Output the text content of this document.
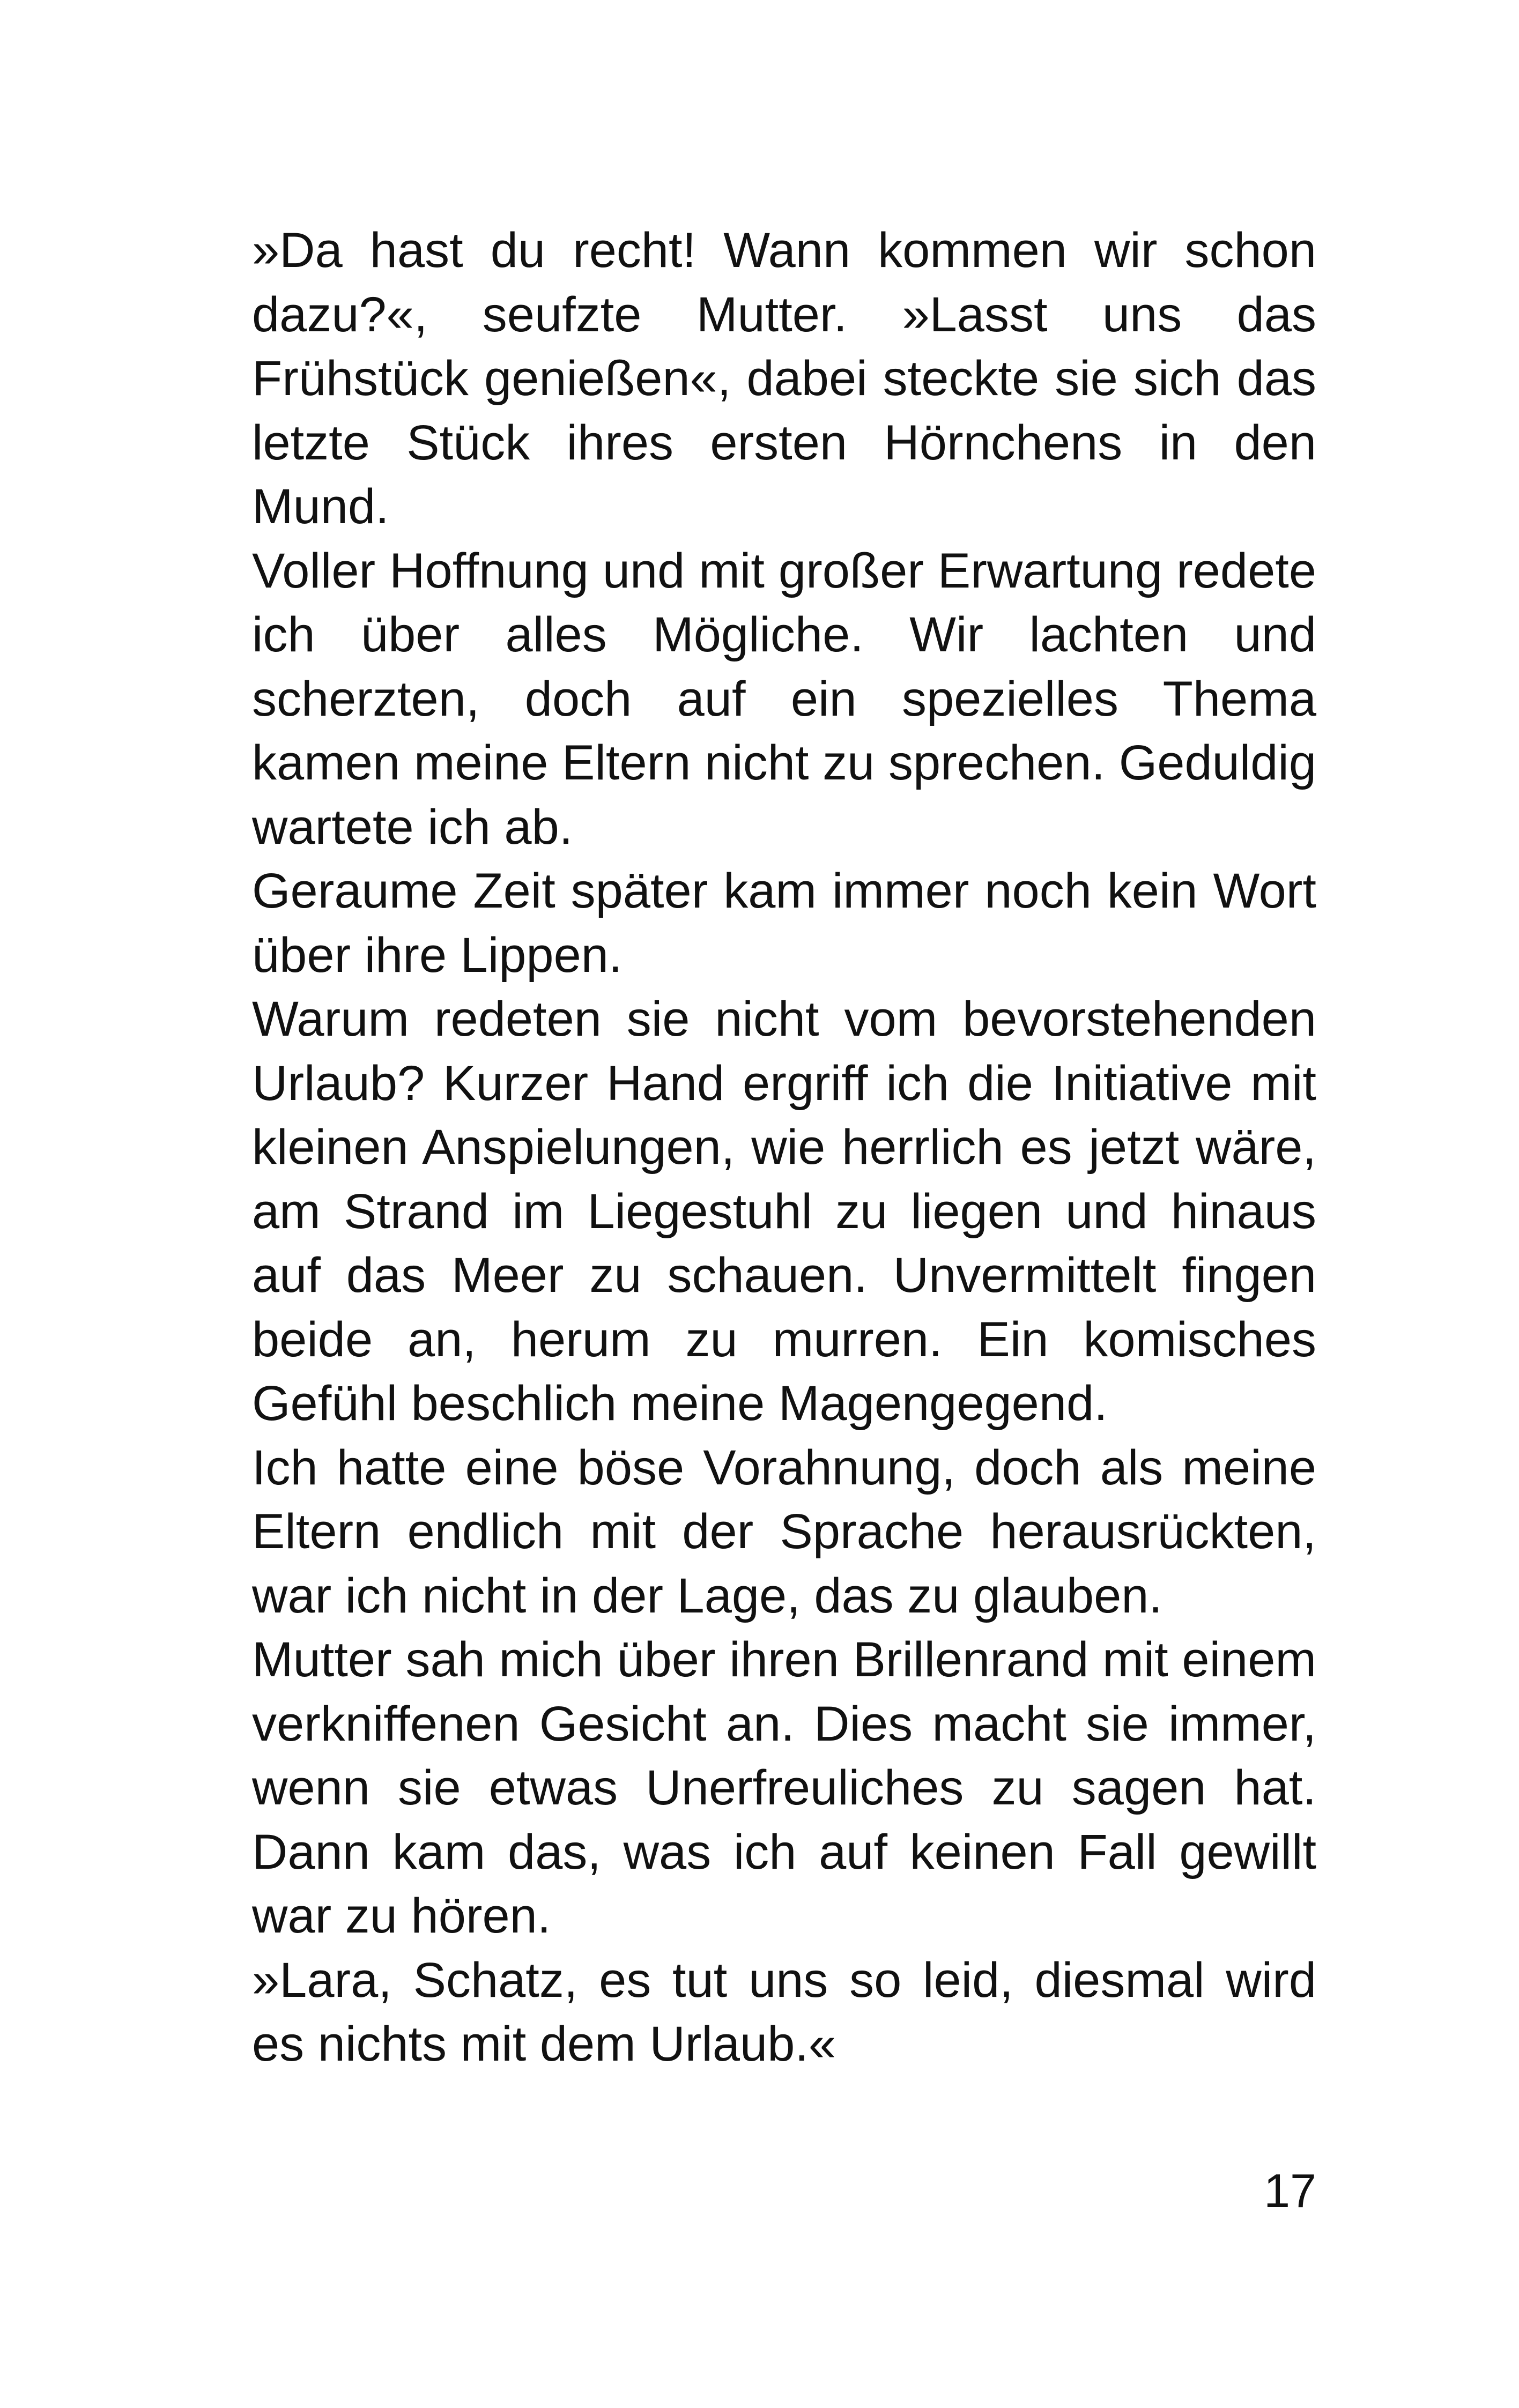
»Da hast du recht! Wann kommen wir schon dazu?«, seufzte Mutter. »Lasst uns das Frühstück genießen«, dabei steckte sie sich das letzte Stück ihres ersten Hörnchens in den Mund.

Voller Hoffnung und mit großer Erwartung redete ich über alles Mögliche. Wir lachten und scherzten, doch auf ein spezielles Thema kamen meine Eltern nicht zu sprechen. Geduldig wartete ich ab.

Geraume Zeit später kam immer noch kein Wort über ihre Lippen.

Warum redeten sie nicht vom bevorstehenden Urlaub? Kurzer Hand ergriff ich die Initiative mit kleinen Anspielungen, wie herrlich es jetzt wäre, am Strand im Liegestuhl zu liegen und hinaus auf das Meer zu schauen. Unvermittelt fingen beide an, herum zu murren. Ein komisches Gefühl beschlich meine Magengegend.

Ich hatte eine böse Vorahnung, doch als meine Eltern endlich mit der Sprache herausrückten, war ich nicht in der Lage, das zu glauben.

Mutter sah mich über ihren Brillenrand mit einem verkniffenen Gesicht an. Dies macht sie immer, wenn sie etwas Unerfreuliches zu sagen hat. Dann kam das, was ich auf keinen Fall gewillt war zu hören.

»Lara, Schatz, es tut uns so leid, diesmal wird es nichts mit dem Urlaub.«

17
